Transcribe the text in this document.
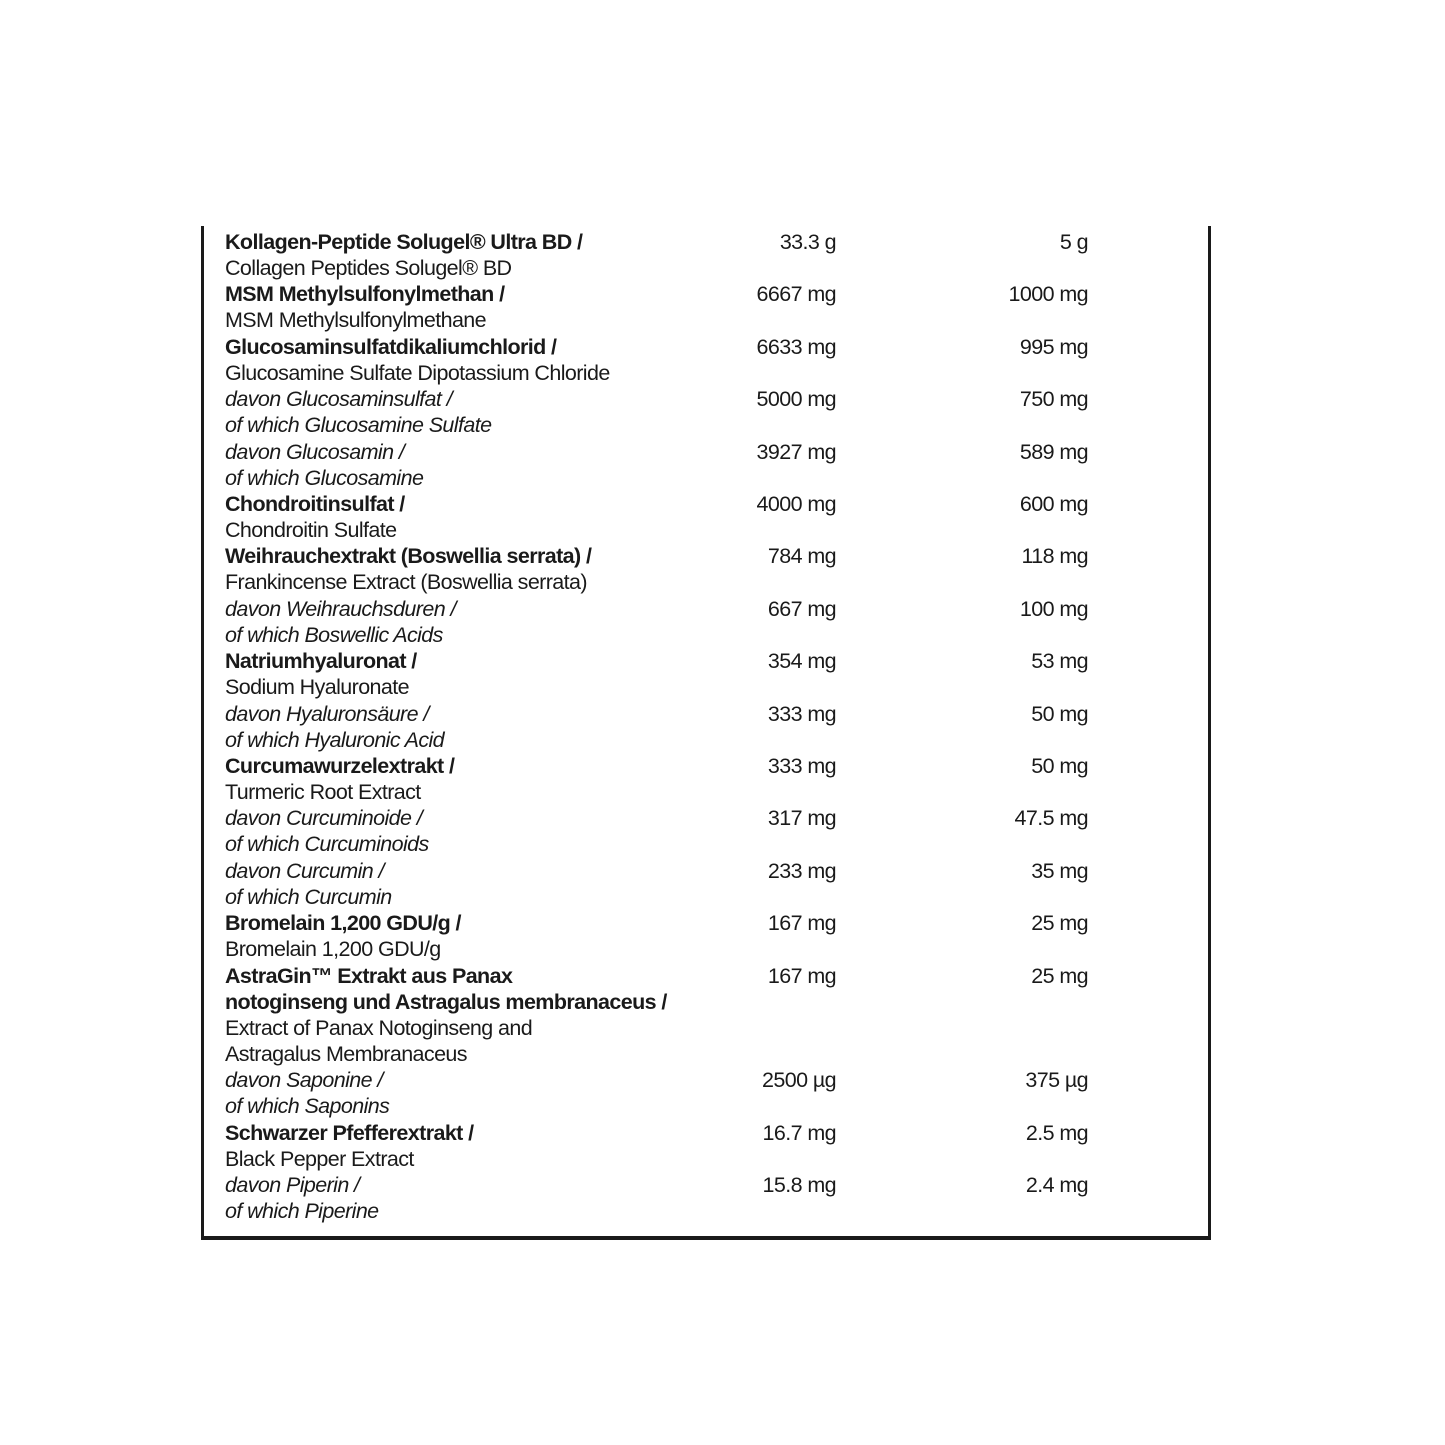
Kollagen-Peptide Solugel® Ultra BD /
Collagen Peptides Solugel® BD
33.3 g	5 g
MSM Methylsulfonylmethan /
MSM Methylsulfonylmethane
6667 mg	1000 mg
Glucosaminsulfatdikaliumchlorid /
Glucosamine Sulfate Dipotassium Chloride
6633 mg	995 mg
davon Glucosaminsulfat /
of which Glucosamine Sulfate
5000 mg	750 mg
davon Glucosamin /
of which Glucosamine
3927 mg	589 mg
Chondroitinsulfat /
Chondroitin Sulfate
4000 mg	600 mg
Weihrauchextrakt (Boswellia serrata) /
Frankincense Extract (Boswellia serrata)
784 mg	118 mg
davon Weihrauchsduren /
of which Boswellic Acids
667 mg	100 mg
Natriumhyaluronat /
Sodium Hyaluronate
354 mg	53 mg
davon Hyaluronsäure /
of which Hyaluronic Acid
333 mg	50 mg
Curcumawurzelextrakt /
Turmeric Root Extract
333 mg	50 mg
davon Curcuminoide /
of which Curcuminoids
317 mg	47.5 mg
davon Curcumin /
of which Curcumin
233 mg	35 mg
Bromelain 1,200 GDU/g /
Bromelain 1,200 GDU/g
167 mg	25 mg
AstraGin™ Extrakt aus Panax
notoginseng und Astragalus membranaceus /
Extract of Panax Notoginseng and
Astragalus Membranaceus
167 mg	25 mg
davon Saponine /
of which Saponins
2500 µg	375 µg
Schwarzer Pfefferextrakt /
Black Pepper Extract
16.7 mg	2.5 mg
davon Piperin /
of which Piperine
15.8 mg	2.4 mg
